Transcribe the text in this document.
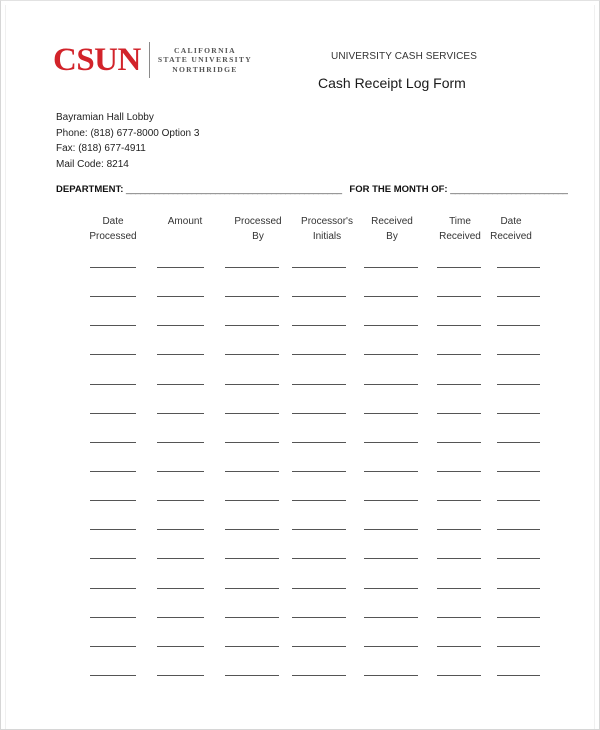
CSUN	CALIFORNIA
STATE UNIVERSITY
NORTHRIDGE
UNIVERSITY CASH SERVICES
Cash Receipt Log Form
Bayramian Hall Lobby
Phone: (818) 677-8000 Option 3
Fax: (818) 677-4911
Mail Code: 8214
DEPARTMENT: ______________________________________________ FOR THE MONTH OF: _________________________
Date
Processed
Amount
	Processed
By
Processor's
Initials
Received
By
Time
Received
Date
Received
